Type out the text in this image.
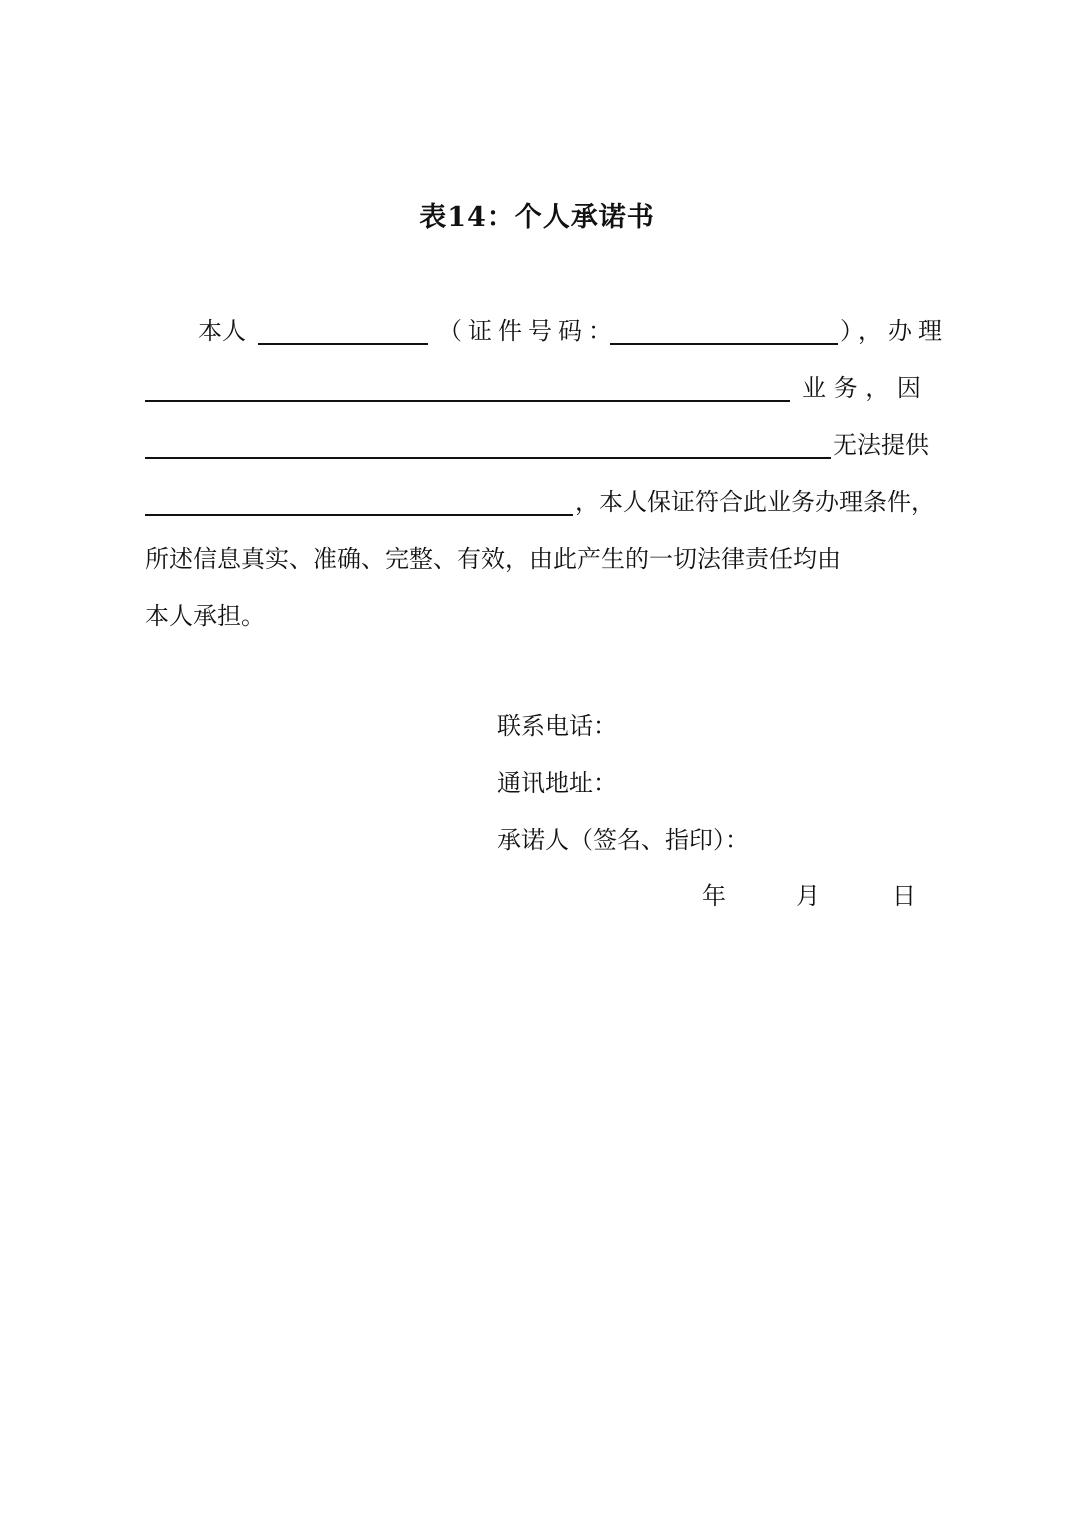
表14：个人承诺书
本人	（证件号码：	），办理
业 务 ， 因
无法提供
，本人保证符合此业务办理条件，
所述信息真实、准确、完整、有效，由此产生的一切法律责任均由
本人承担。
联系电话：
通讯地址：
承诺人（签名、指印）：
年	月	日
